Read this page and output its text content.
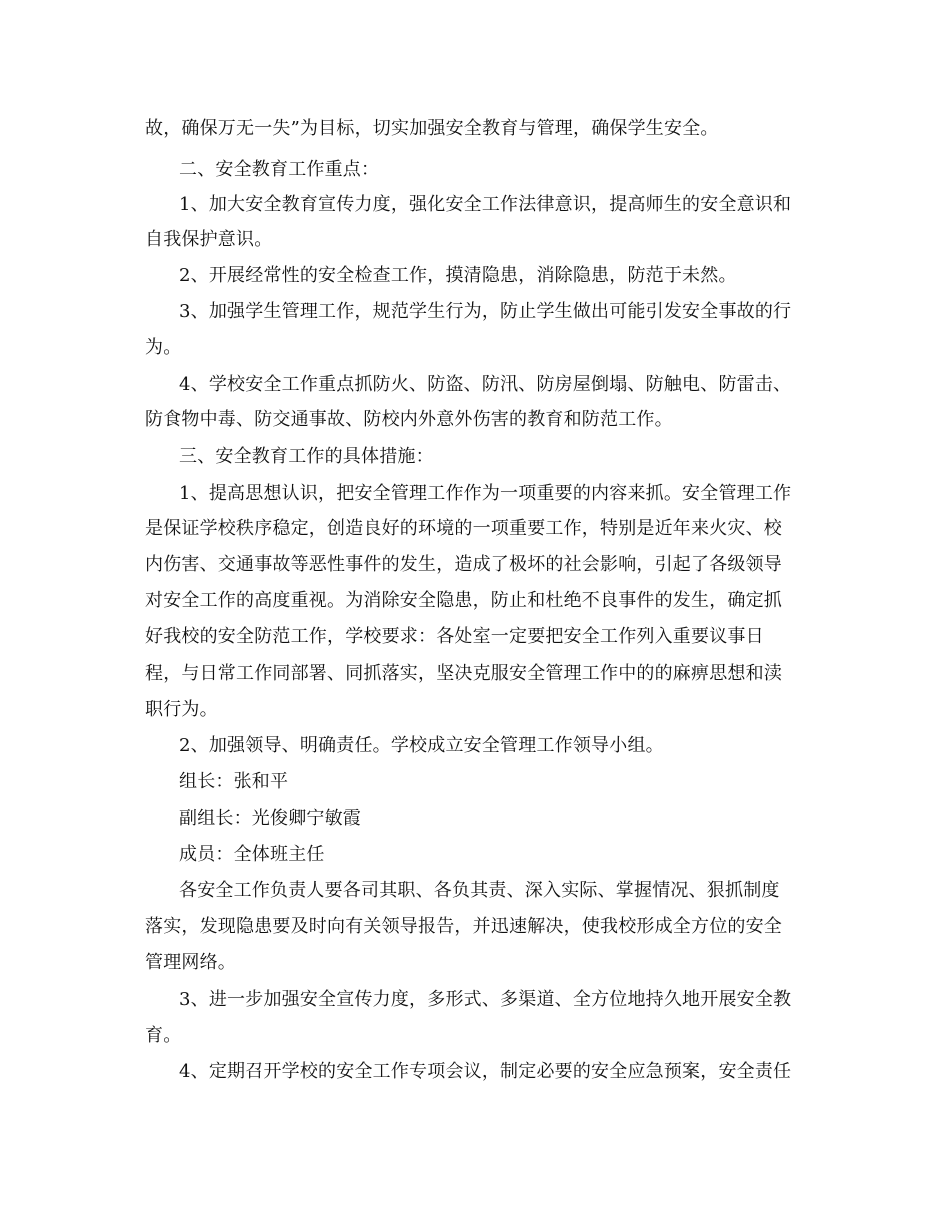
故，确保万无一失”为目标，切实加强安全教育与管理，确保学生安全。
二、安全教育工作重点：
1、加大安全教育宣传力度，强化安全工作法律意识，提高师生的安全意识和
自我保护意识。
2、开展经常性的安全检查工作，摸清隐患，消除隐患，防范于未然。
3、加强学生管理工作，规范学生行为，防止学生做出可能引发安全事故的行
为。
4、学校安全工作重点抓防火、防盗、防汛、防房屋倒塌、防触电、防雷击、
防食物中毒、防交通事故、防校内外意外伤害的教育和防范工作。
三、安全教育工作的具体措施：
1、提高思想认识，把安全管理工作作为一项重要的内容来抓。安全管理工作
是保证学校秩序稳定，创造良好的环境的一项重要工作，特别是近年来火灾、校
内伤害、交通事故等恶性事件的发生，造成了极坏的社会影响，引起了各级领导
对安全工作的高度重视。为消除安全隐患，防止和杜绝不良事件的发生，确定抓
好我校的安全防范工作，学校要求：各处室一定要把安全工作列入重要议事日
程，与日常工作同部署、同抓落实，坚决克服安全管理工作中的的麻痹思想和渎
职行为。
2、加强领导、明确责任。学校成立安全管理工作领导小组。
组长：张和平
副组长：光俊卿宁敏霞
成员：全体班主任
各安全工作负责人要各司其职、各负其责、深入实际、掌握情况、狠抓制度
落实，发现隐患要及时向有关领导报告，并迅速解决，使我校形成全方位的安全
管理网络。
3、进一步加强安全宣传力度，多形式、多渠道、全方位地持久地开展安全教
育。
4、定期召开学校的安全工作专项会议，制定必要的安全应急预案，安全责任
